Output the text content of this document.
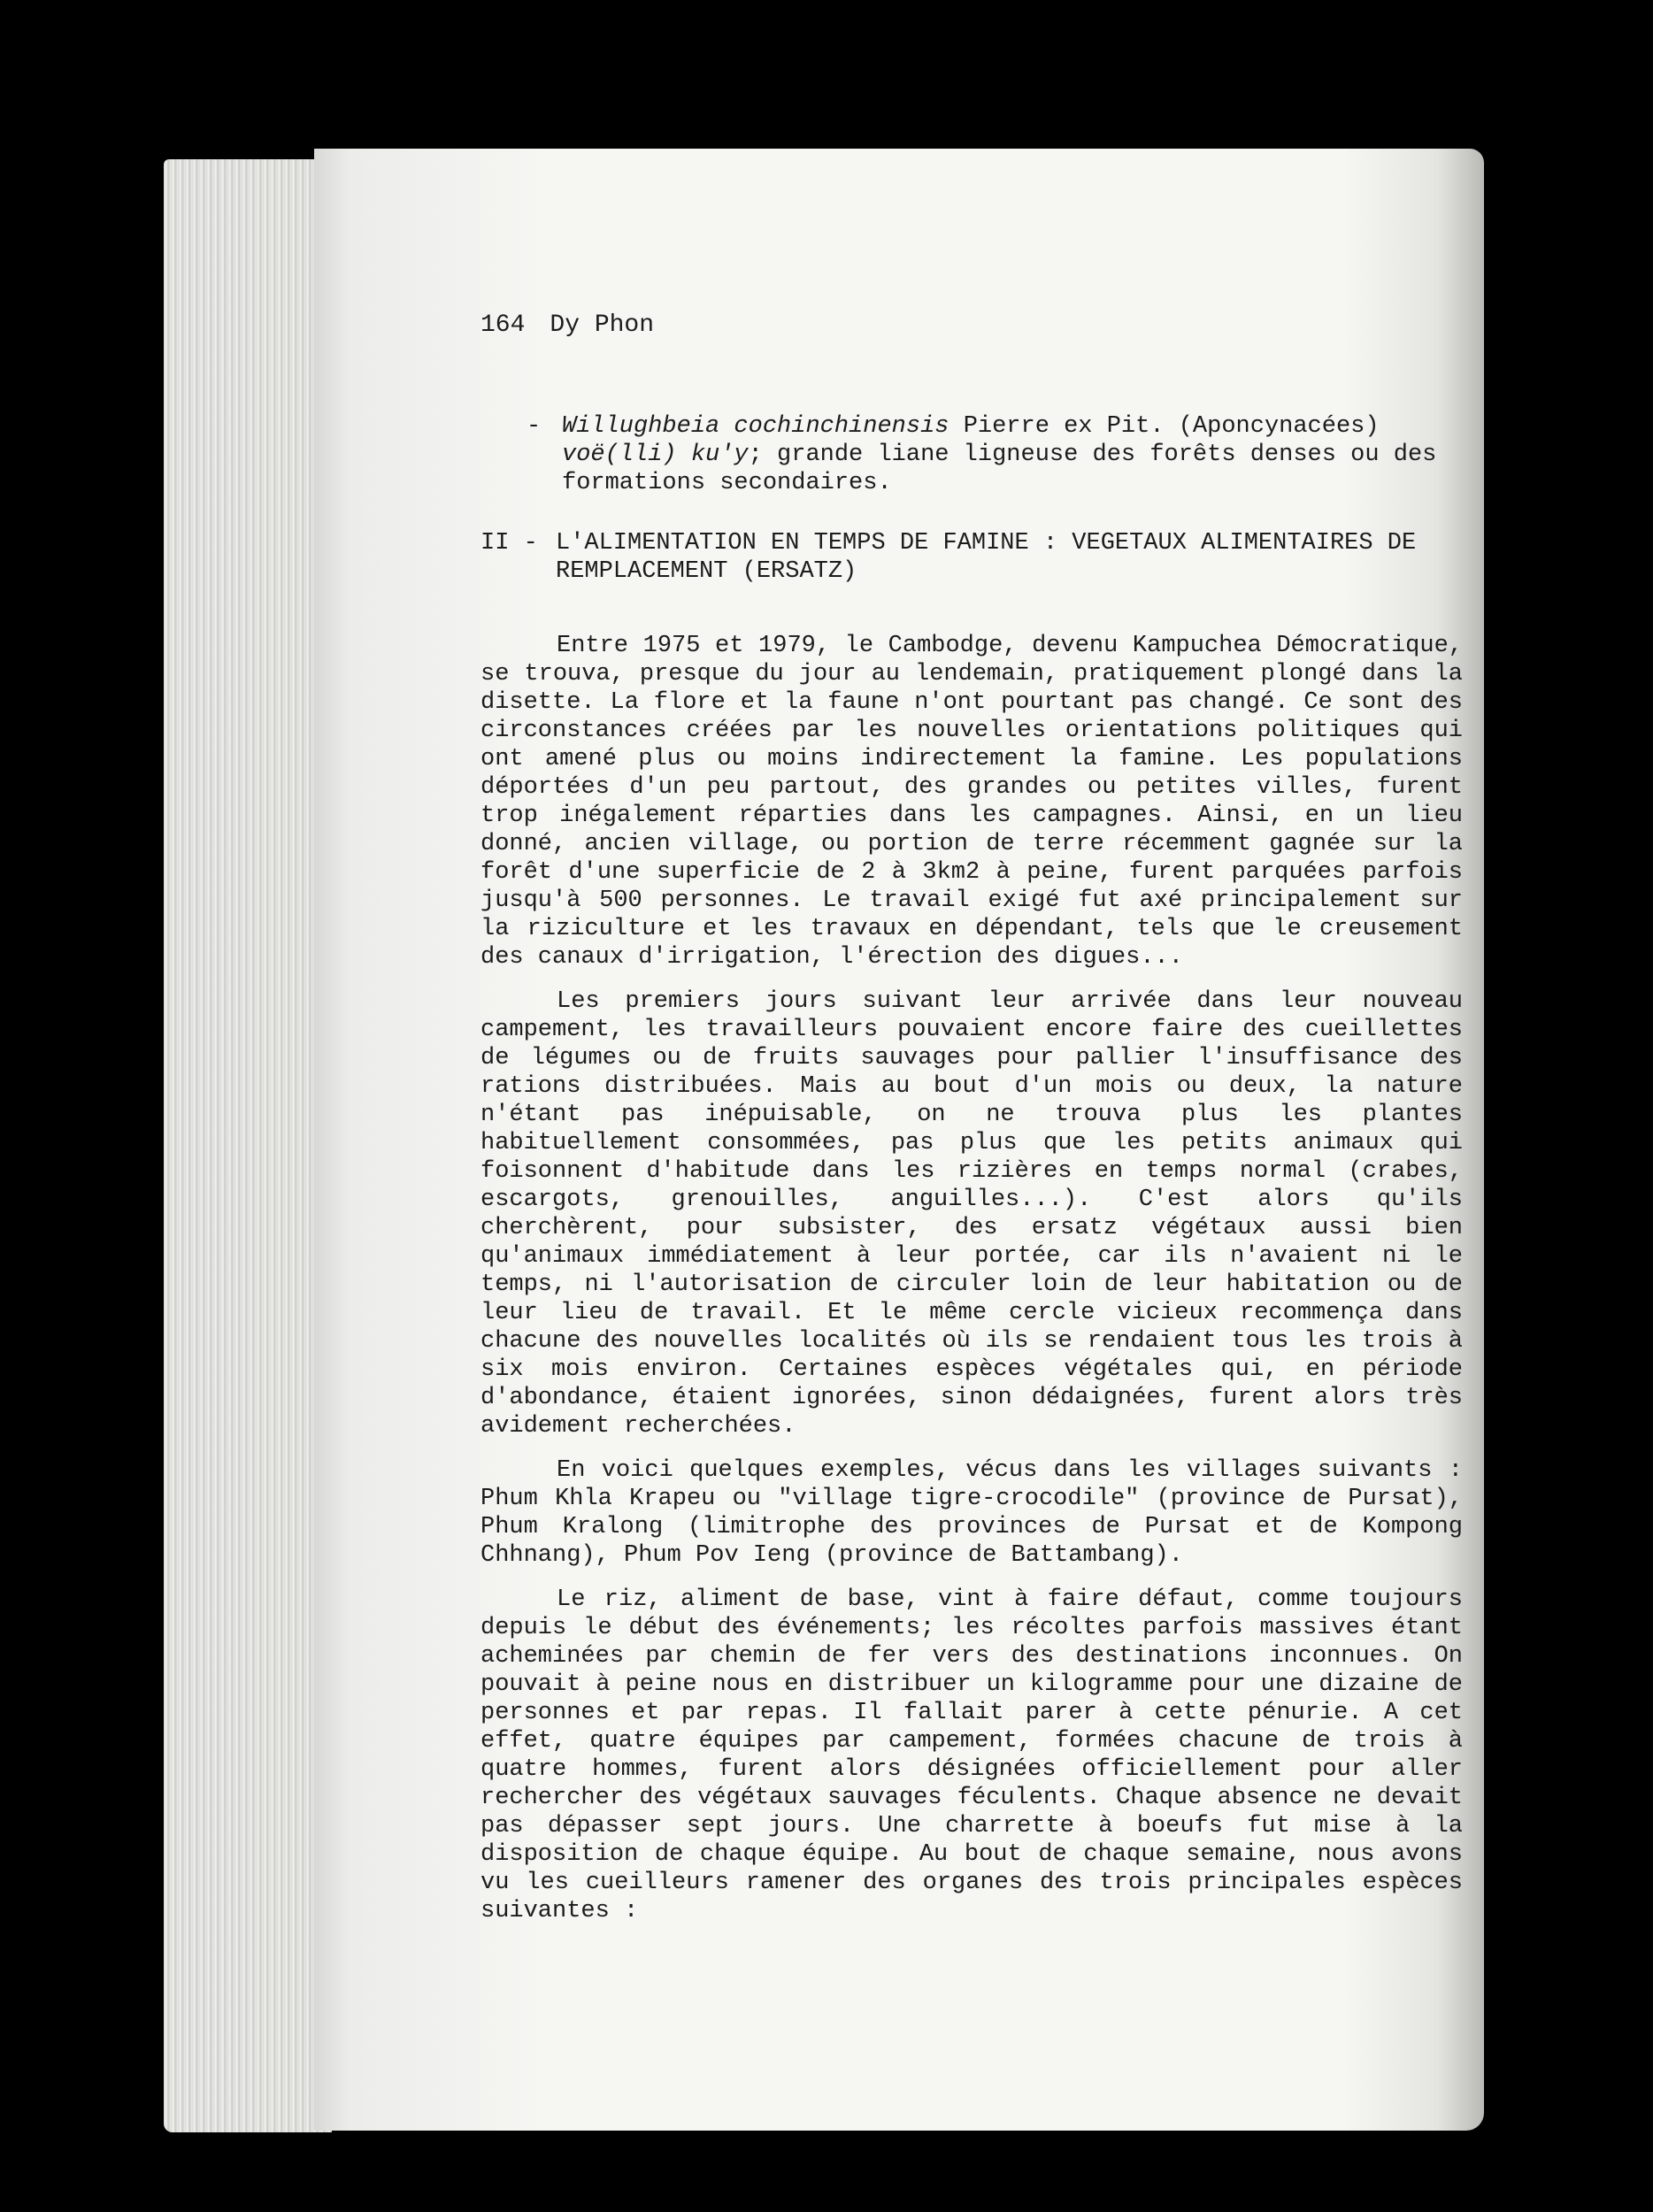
164 Dy Phon
- Willughbeia cochinchinensis Pierre ex Pit. (Aponcynacées) voë(lli) ku'y; grande liane ligneuse des forêts denses ou des formations secondaires.
II - L'ALIMENTATION EN TEMPS DE FAMINE : VEGETAUX ALIMENTAIRES DE REMPLACEMENT (ERSATZ)

Entre 1975 et 1979, le Cambodge, devenu Kampuchea Démocratique, se trouva, presque du jour au lendemain, pratiquement plongé dans la disette. La flore et la faune n'ont pourtant pas changé. Ce sont des circonstances créées par les nouvelles orientations politiques qui ont amené plus ou moins indirectement la famine. Les populations déportées d'un peu partout, des grandes ou petites villes, furent trop inégalement réparties dans les campagnes. Ainsi, en un lieu donné, ancien village, ou portion de terre récemment gagnée sur la forêt d'une superficie de 2 à 3km2 à peine, furent parquées parfois jusqu'à 500 personnes. Le travail exigé fut axé principalement sur la riziculture et les travaux en dépendant, tels que le creusement des canaux d'irrigation, l'érection des digues...

Les premiers jours suivant leur arrivée dans leur nouveau campement, les travailleurs pouvaient encore faire des cueillettes de légumes ou de fruits sauvages pour pallier l'insuffisance des rations distribuées. Mais au bout d'un mois ou deux, la nature n'étant pas inépuisable, on ne trouva plus les plantes habituellement consommées, pas plus que les petits animaux qui foisonnent d'habitude dans les rizières en temps normal (crabes, escargots, grenouilles, anguilles...). C'est alors qu'ils cherchèrent, pour subsister, des ersatz végétaux aussi bien qu'animaux immédiatement à leur portée, car ils n'avaient ni le temps, ni l'autorisation de circuler loin de leur habitation ou de leur lieu de travail. Et le même cercle vicieux recommença dans chacune des nouvelles localités où ils se rendaient tous les trois à six mois environ. Certaines espèces végétales qui, en période d'abondance, étaient ignorées, sinon dédaignées, furent alors très avidement recherchées.

En voici quelques exemples, vécus dans les villages suivants : Phum Khla Krapeu ou "village tigre-crocodile" (province de Pursat), Phum Kralong (limitrophe des provinces de Pursat et de Kompong Chhnang), Phum Pov Ieng (province de Battambang).

Le riz, aliment de base, vint à faire défaut, comme toujours depuis le début des événements; les récoltes parfois massives étant acheminées par chemin de fer vers des destinations inconnues. On pouvait à peine nous en distribuer un kilogramme pour une dizaine de personnes et par repas. Il fallait parer à cette pénurie. A cet effet, quatre équipes par campement, formées chacune de trois à quatre hommes, furent alors désignées officiellement pour aller rechercher des végétaux sauvages féculents. Chaque absence ne devait pas dépasser sept jours. Une charrette à boeufs fut mise à la disposition de chaque équipe. Au bout de chaque semaine, nous avons vu les cueilleurs ramener des organes des trois principales espèces suivantes :
